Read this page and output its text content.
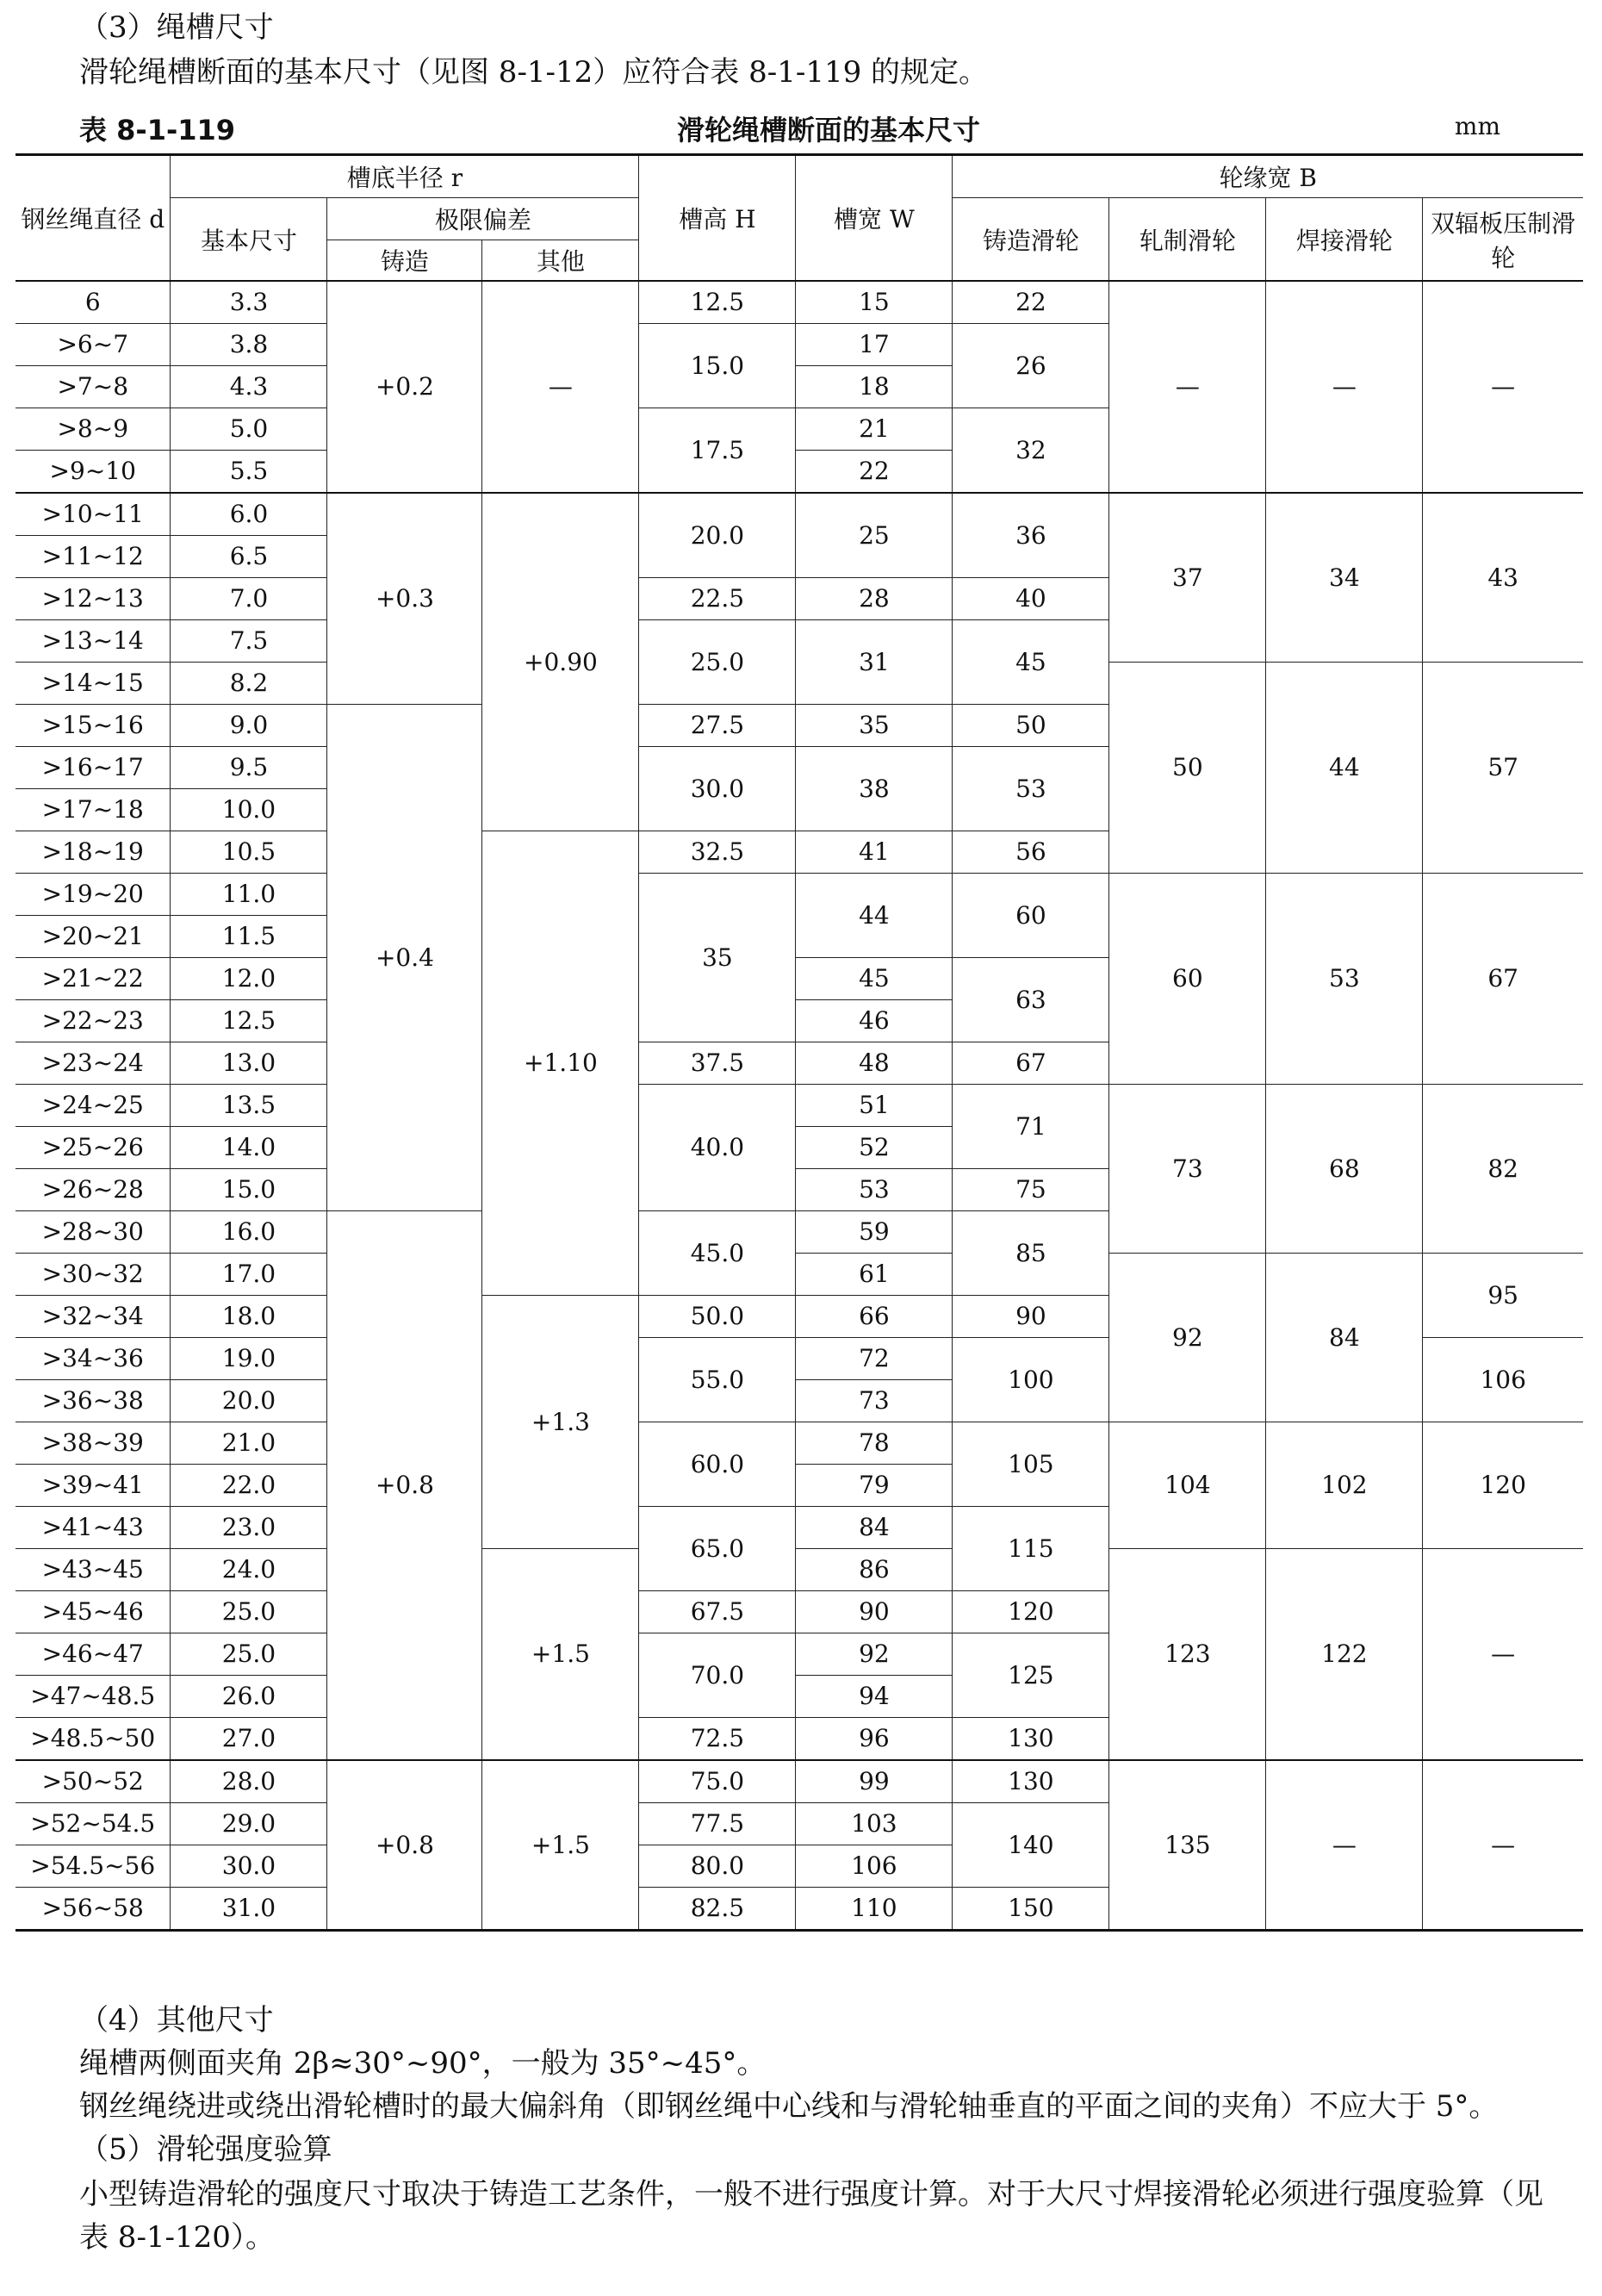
（3）绳槽尺寸
滑轮绳槽断面的基本尺寸（见图 8-1-12）应符合表 8-1-119 的规定。
表 8-1-119	滑轮绳槽断面的基本尺寸	mm
钢丝绳直径 d	槽底半径 r			槽高 H	槽宽 W	轮缘宽 B			
	基本尺寸	极限偏差				铸造滑轮	轧制滑轮	焊接滑轮	双辐板压制滑轮
		铸造	其他						
6	3.3	+0.2	—	12.5	15	22	—	—	—
>6~7	3.8			15.0	17	26			
>7~8	4.3				18				
>8~9	5.0			17.5	21	32			
>9~10	5.5				22				
>10~11	6.0	+0.3	+0.90	20.0	25	36	37	34	43
>11~12	6.5								
>12~13	7.0			22.5	28	40			
>13~14	7.5			25.0	31	45			
>14~15	8.2						50	44	57
>15~16	9.0	+0.4		27.5	35	50			
>16~17	9.5			30.0	38	53			
>17~18	10.0								
>18~19	10.5		+1.10	32.5	41	56			
>19~20	11.0			35	44	60	60	53	67
>20~21	11.5								
>21~22	12.0				45	63			
>22~23	12.5				46				
>23~24	13.0			37.5	48	67			
>24~25	13.5			40.0	51	71	73	68	82
>25~26	14.0				52				
>26~28	15.0				53	75			
>28~30	16.0	+0.8		45.0	59	85			
>30~32	17.0				61		92	84	95
>32~34	18.0		+1.3	50.0	66	90			
>34~36	19.0			55.0	72	100			106
>36~38	20.0				73				
>38~39	21.0			60.0	78	105	104	102	120
>39~41	22.0				79				
>41~43	23.0			65.0	84	115			
>43~45	24.0		+1.5		86		123	122	—
>45~46	25.0			67.5	90	120			
>46~47	25.0			70.0	92	125			
>47~48.5	26.0				94				
>48.5~50	27.0			72.5	96	130			
>50~52	28.0	+0.8	+1.5	75.0	99	130	135	—	—
>52~54.5	29.0			77.5	103	140			
>54.5~56	30.0			80.0	106				
>56~58	31.0			82.5	110	150			
（4）其他尺寸
绳槽两侧面夹角 2β≈30°~90°，一般为 35°~45°。
钢丝绳绕进或绕出滑轮槽时的最大偏斜角（即钢丝绳中心线和与滑轮轴垂直的平面之间的夹角）不应大于 5°。
（5）滑轮强度验算
小型铸造滑轮的强度尺寸取决于铸造工艺条件，一般不进行强度计算。对于大尺寸焊接滑轮必须进行强度验算（见表 8-1-120）。
